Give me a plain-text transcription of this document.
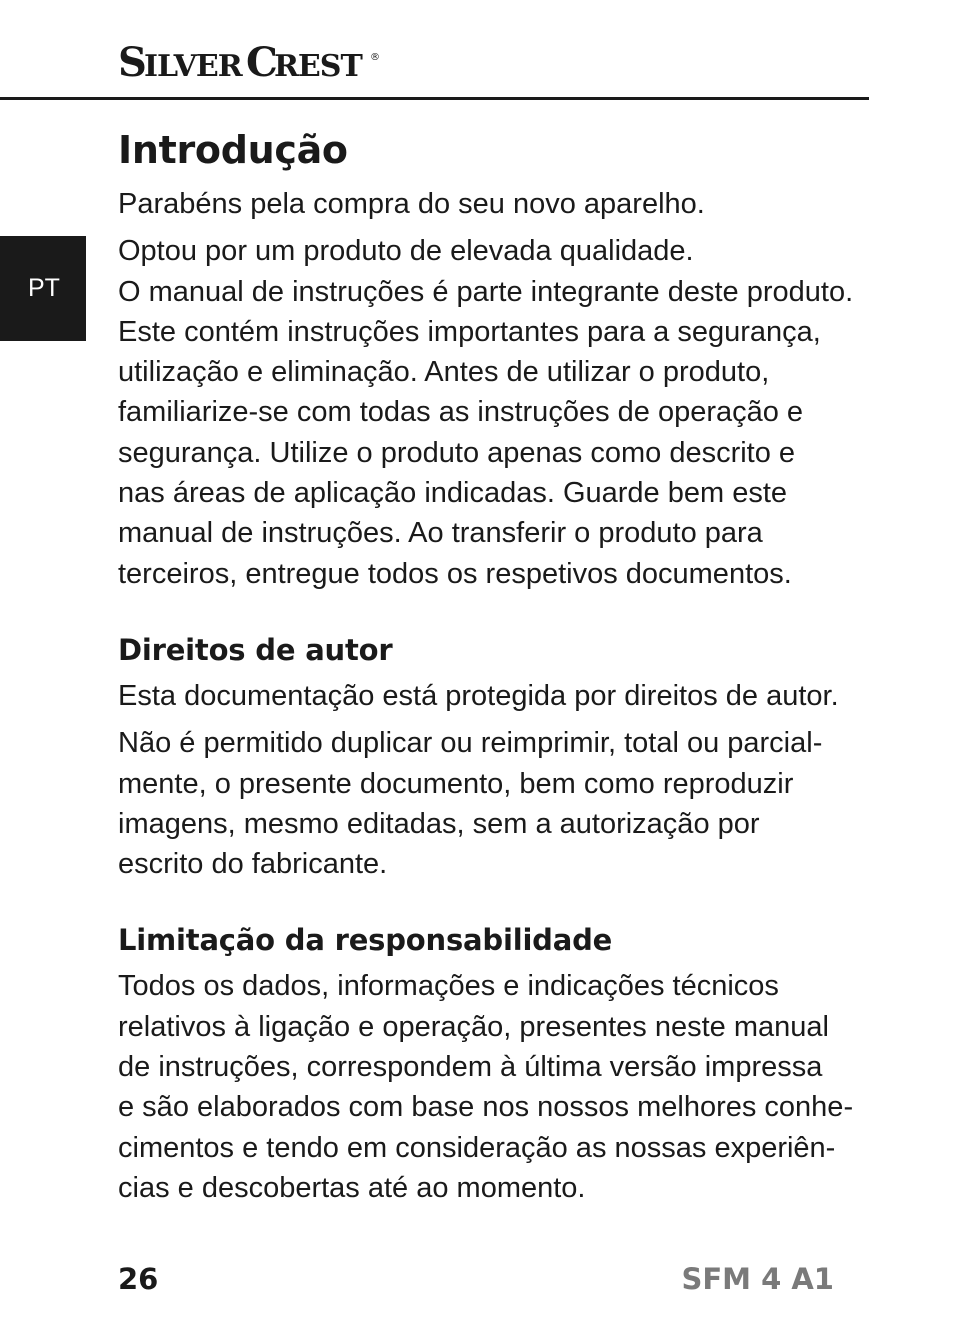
S
ILVER C
REST ®
PT
Introdução

Parabéns pela compra do seu novo aparelho.

Optou por um produto de elevada qualidade.
O manual de instruções é parte integrante deste produto.
Este contém instruções importantes para a segurança,
utilização e eliminação. Antes de utilizar o produto,
familiarize-se com todas as instruções de operação e
segurança. Utilize o produto apenas como descrito e
nas áreas de aplicação indicadas. Guarde bem este
manual de instruções. Ao transferir o produto para
terceiros, entregue todos os respetivos documentos.

Direitos de autor

Esta documentação está protegida por direitos de autor.

Não é permitido duplicar ou reimprimir, total ou parcial-
mente, o presente documento, bem como reproduzir
imagens, mesmo editadas, sem a autorização por
escrito do fabricante.

Limitação da responsabilidade

Todos os dados, informações e indicações técnicos
relativos à ligação e operação, presentes neste manual
de instruções, correspondem à última versão impressa
e são elaborados com base nos nossos melhores conhe-
cimentos e tendo em consideração as nossas experiên-
cias e descobertas até ao momento.

26	SFM 4 A1
